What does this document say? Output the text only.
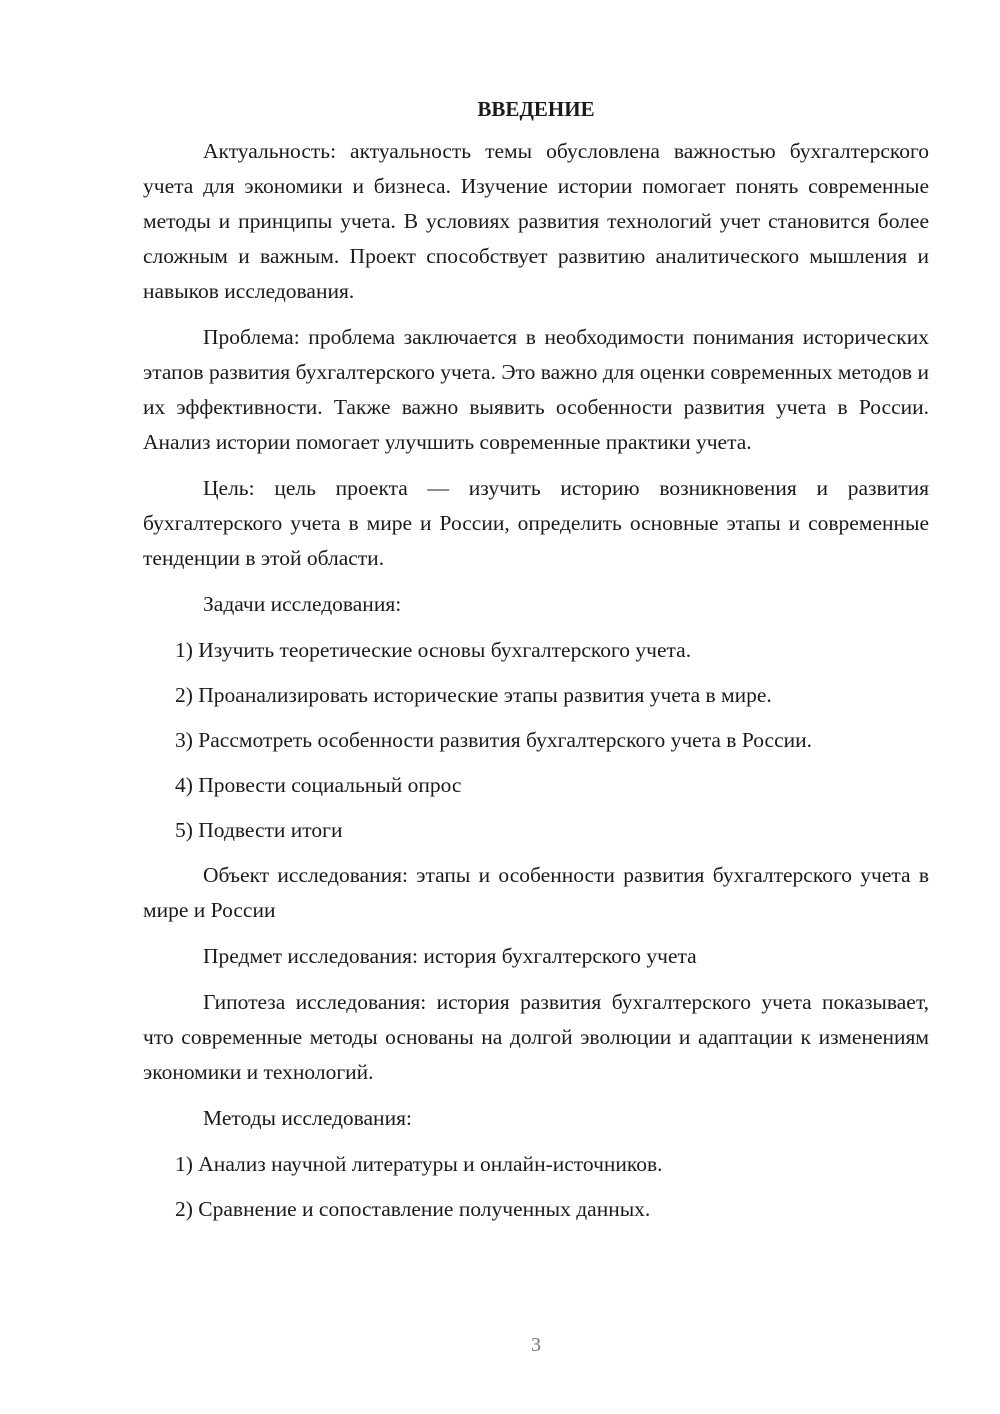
ВВЕДЕНИЕ

Актуальность: актуальность темы обусловлена важностью бухгалтерского учета для экономики и бизнеса. Изучение истории помогает понять современные методы и принципы учета. В условиях развития технологий учет становится более сложным и важным. Проект способствует развитию аналитического мышления и навыков исследования.

Проблема: проблема заключается в необходимости понимания исторических этапов развития бухгалтерского учета. Это важно для оценки современных методов и их эффективности. Также важно выявить особенности развития учета в России. Анализ истории помогает улучшить современные практики учета.

Цель: цель проекта — изучить историю возникновения и развития бухгалтерского учета в мире и России, определить основные этапы и современные тенденции в этой области.

Задачи исследования:

1) Изучить теоретические основы бухгалтерского учета.
2) Проанализировать исторические этапы развития учета в мире.
3) Рассмотреть особенности развития бухгалтерского учета в России.
4) Провести социальный опрос
5) Подвести итоги

Объект исследования: этапы и особенности развития бухгалтерского учета в мире и России

Предмет исследования: история бухгалтерского учета

Гипотеза исследования: история развития бухгалтерского учета показывает, что современные методы основаны на долгой эволюции и адаптации к изменениям экономики и технологий.

Методы исследования:

1) Анализ научной литературы и онлайн-источников.
2) Сравнение и сопоставление полученных данных.
3
